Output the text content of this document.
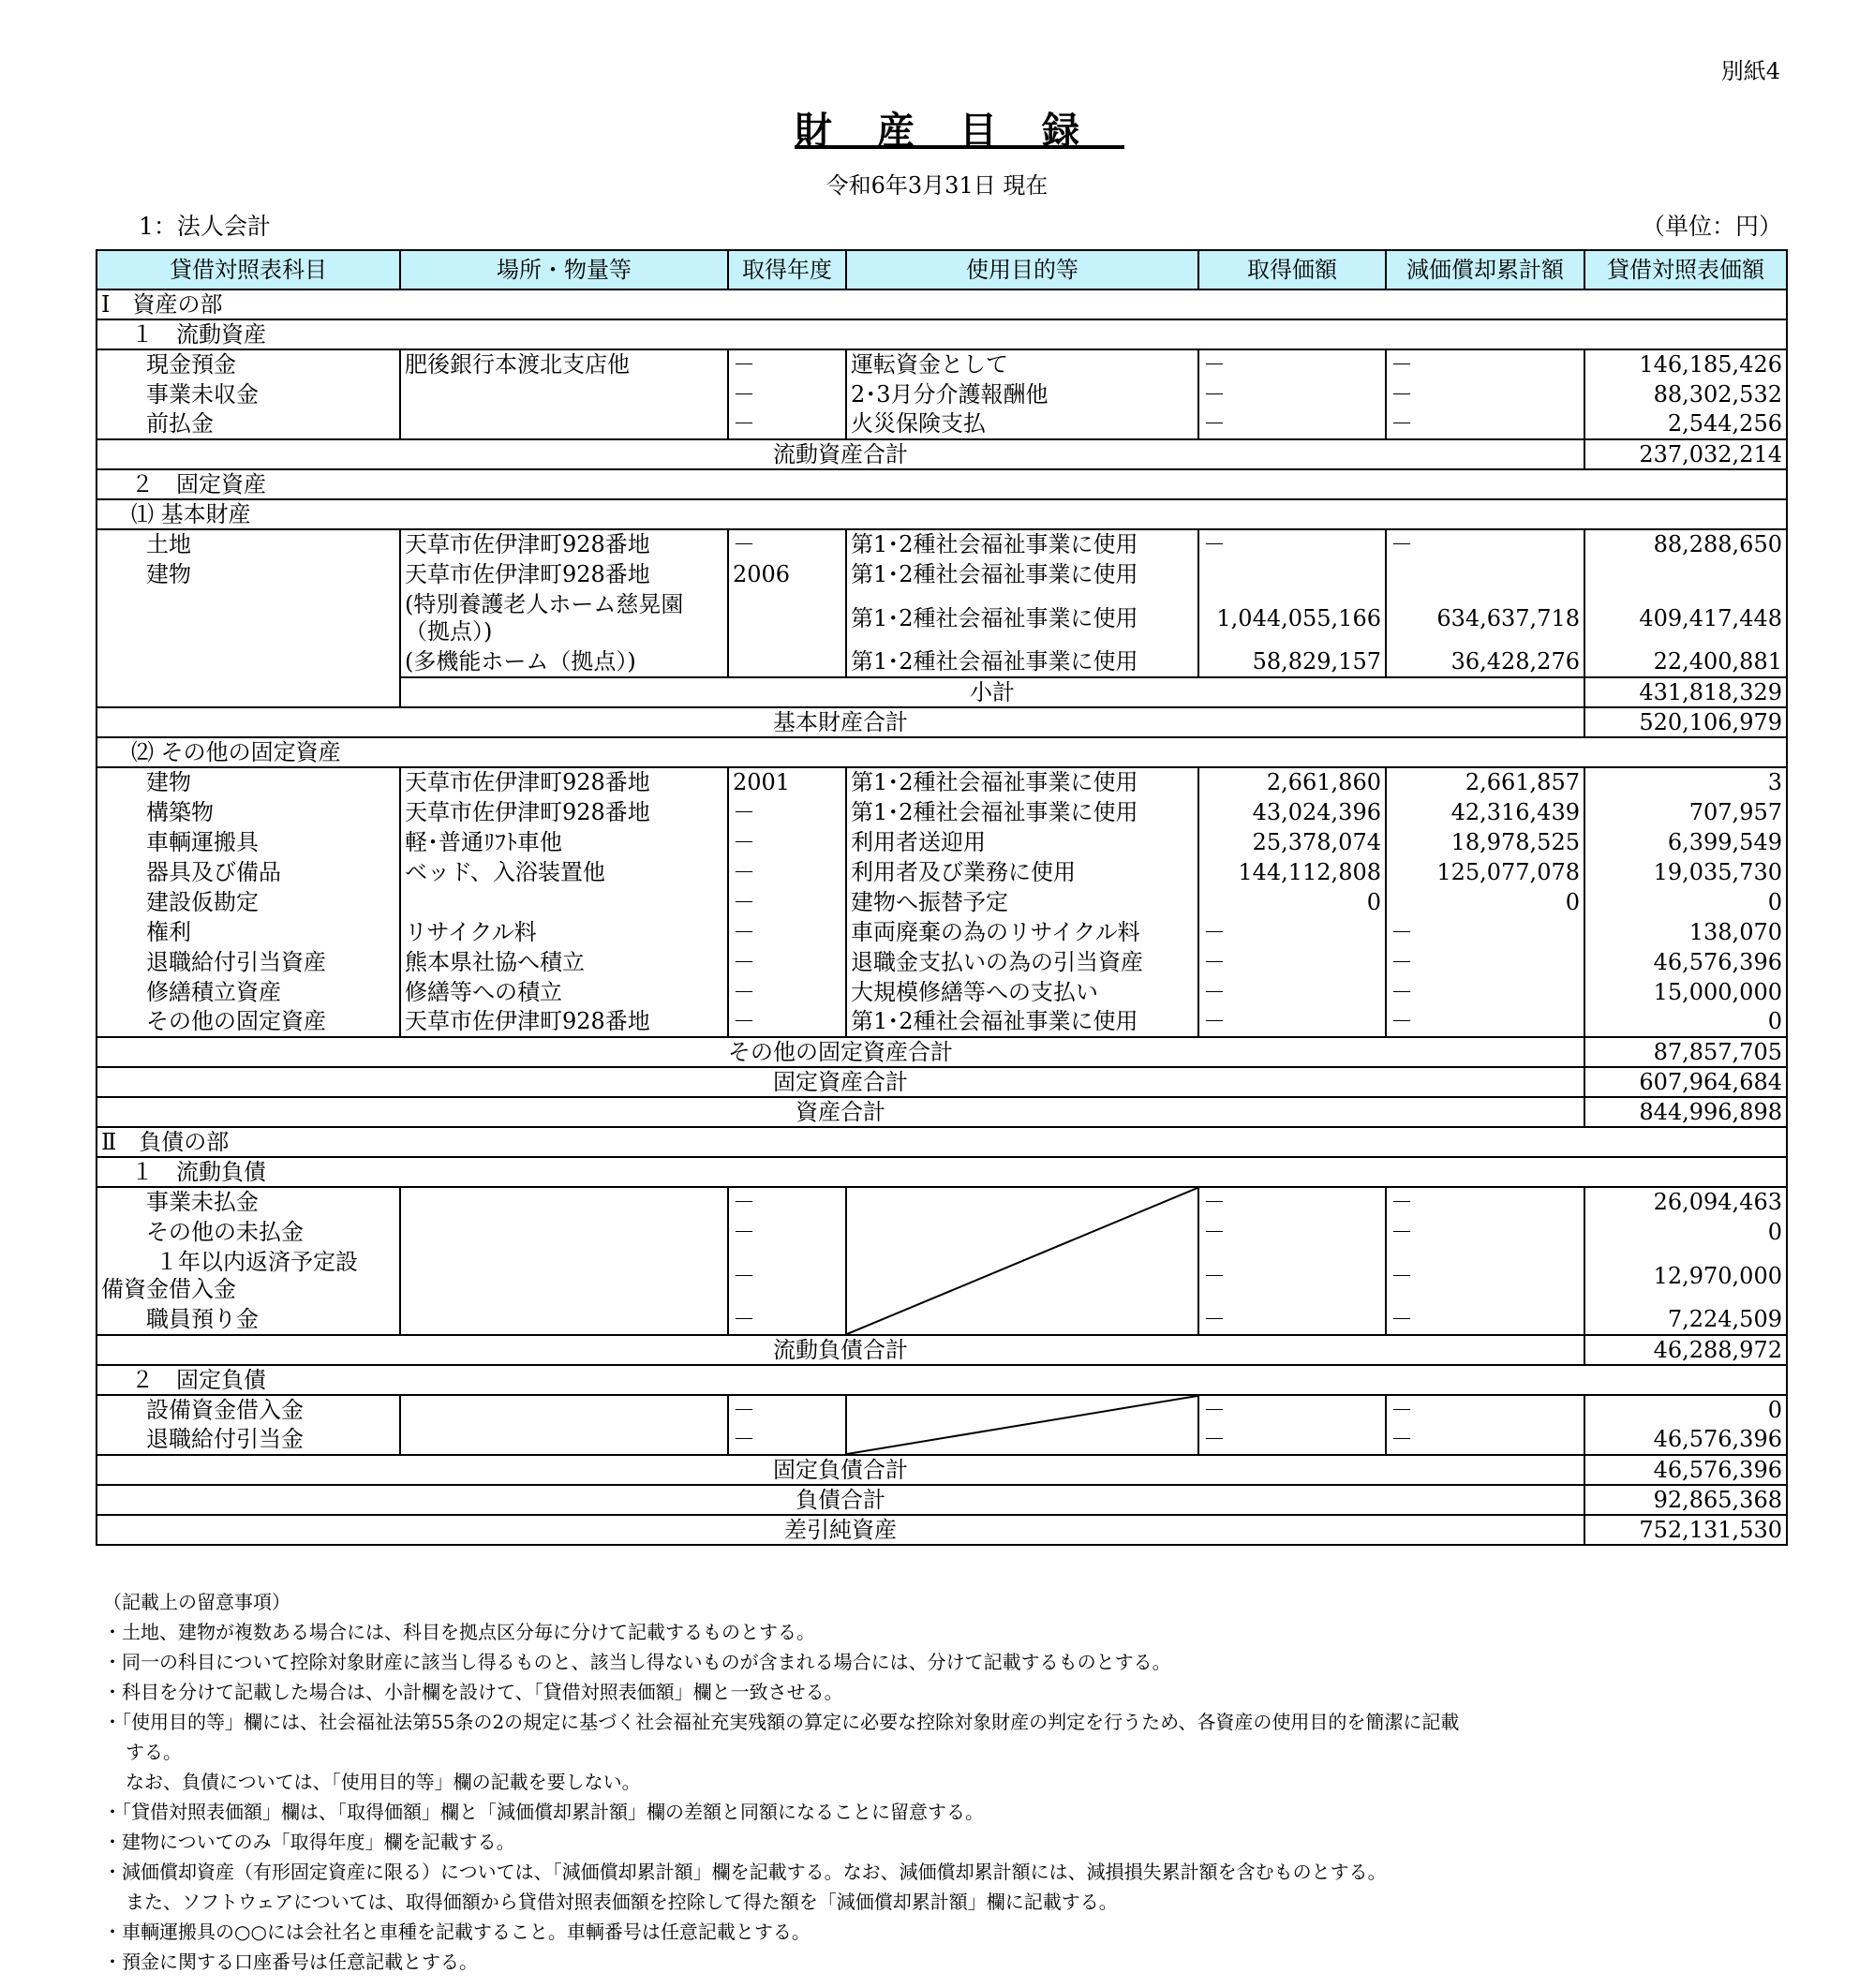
別紙4
財産目録
令和6年3月31日 現在
1：法人会計	（単位：円）
貸借対照表科目	場所・物量等	取得年度	使用目的等	取得価額	減価償却累計額	貸借対照表価額
Ⅰ　資産の部						
１　流動資産						
現金預金	肥後銀行本渡北支店他	－	運転資金として	－	－	146,185,426
事業未収金		－	2･3月分介護報酬他	－	－	88,302,532
前払金		－	火災保険支払	－	－	2,544,256
流動資産合計						237,032,214
２　固定資産						
⑴ 基本財産						
土地	天草市佐伊津町928番地	－	第1･2種社会福祉事業に使用	－	－	88,288,650
建物	天草市佐伊津町928番地	2006	第1･2種社会福祉事業に使用			
	(特別養護老人ホーム慈晃園（拠点）)		第1･2種社会福祉事業に使用	1,044,055,166	634,637,718	409,417,448
	(多機能ホーム（拠点）)		第1･2種社会福祉事業に使用	58,829,157	36,428,276	22,400,881
	小計					431,818,329
基本財産合計						520,106,979
⑵ その他の固定資産						
建物	天草市佐伊津町928番地	2001	第1･2種社会福祉事業に使用	2,661,860	2,661,857	3
構築物	天草市佐伊津町928番地	－	第1･2種社会福祉事業に使用	43,024,396	42,316,439	707,957
車輌運搬具	軽･普通ﾘﾌﾄ車他	－	利用者送迎用	25,378,074	18,978,525	6,399,549
器具及び備品	ベッド、入浴装置他	－	利用者及び業務に使用	144,112,808	125,077,078	19,035,730
建設仮勘定		－	建物へ振替予定	0	0	0
権利	リサイクル料	－	車両廃棄の為のリサイクル料	－	－	138,070
退職給付引当資産	熊本県社協へ積立	－	退職金支払いの為の引当資産	－	－	46,576,396
修繕積立資産	修繕等への積立	－	大規模修繕等への支払い	－	－	15,000,000
その他の固定資産	天草市佐伊津町928番地	－	第1･2種社会福祉事業に使用	－	－	0
その他の固定資産合計						87,857,705
固定資産合計						607,964,684
資産合計						844,996,898
Ⅱ　負債の部						
１　流動負債						
事業未払金		－		－	－	26,094,463
その他の未払金		－		－	－	0

１年以内返済予定設
備資金借入金		－		－	－	12,970,000
職員預り金		－		－	－	7,224,509
流動負債合計						46,288,972
２　固定負債						
設備資金借入金		－		－	－	0
退職給付引当金		－		－	－	46,576,396
固定負債合計						46,576,396
負債合計						92,865,368
差引純資産						752,131,530
（記載上の留意事項）
・土地、建物が複数ある場合には、科目を拠点区分毎に分けて記載するものとする。
・同一の科目について控除対象財産に該当し得るものと、該当し得ないものが含まれる場合には、分けて記載するものとする。
・科目を分けて記載した場合は、小計欄を設けて、「貸借対照表価額」欄と一致させる。
・「使用目的等」欄には、社会福祉法第55条の2の規定に基づく社会福祉充実残額の算定に必要な控除対象財産の判定を行うため、各資産の使用目的を簡潔に記載
する。
なお、負債については、「使用目的等」欄の記載を要しない。
・「貸借対照表価額」欄は、「取得価額」欄と「減価償却累計額」欄の差額と同額になることに留意する。
・建物についてのみ「取得年度」欄を記載する。
・減価償却資産（有形固定資産に限る）については、「減価償却累計額」欄を記載する。なお、減価償却累計額には、減損損失累計額を含むものとする。
また、ソフトウェアについては、取得価額から貸借対照表価額を控除して得た額を「減価償却累計額」欄に記載する。
・車輌運搬具の○○には会社名と車種を記載すること。車輌番号は任意記載とする。
・預金に関する口座番号は任意記載とする。
